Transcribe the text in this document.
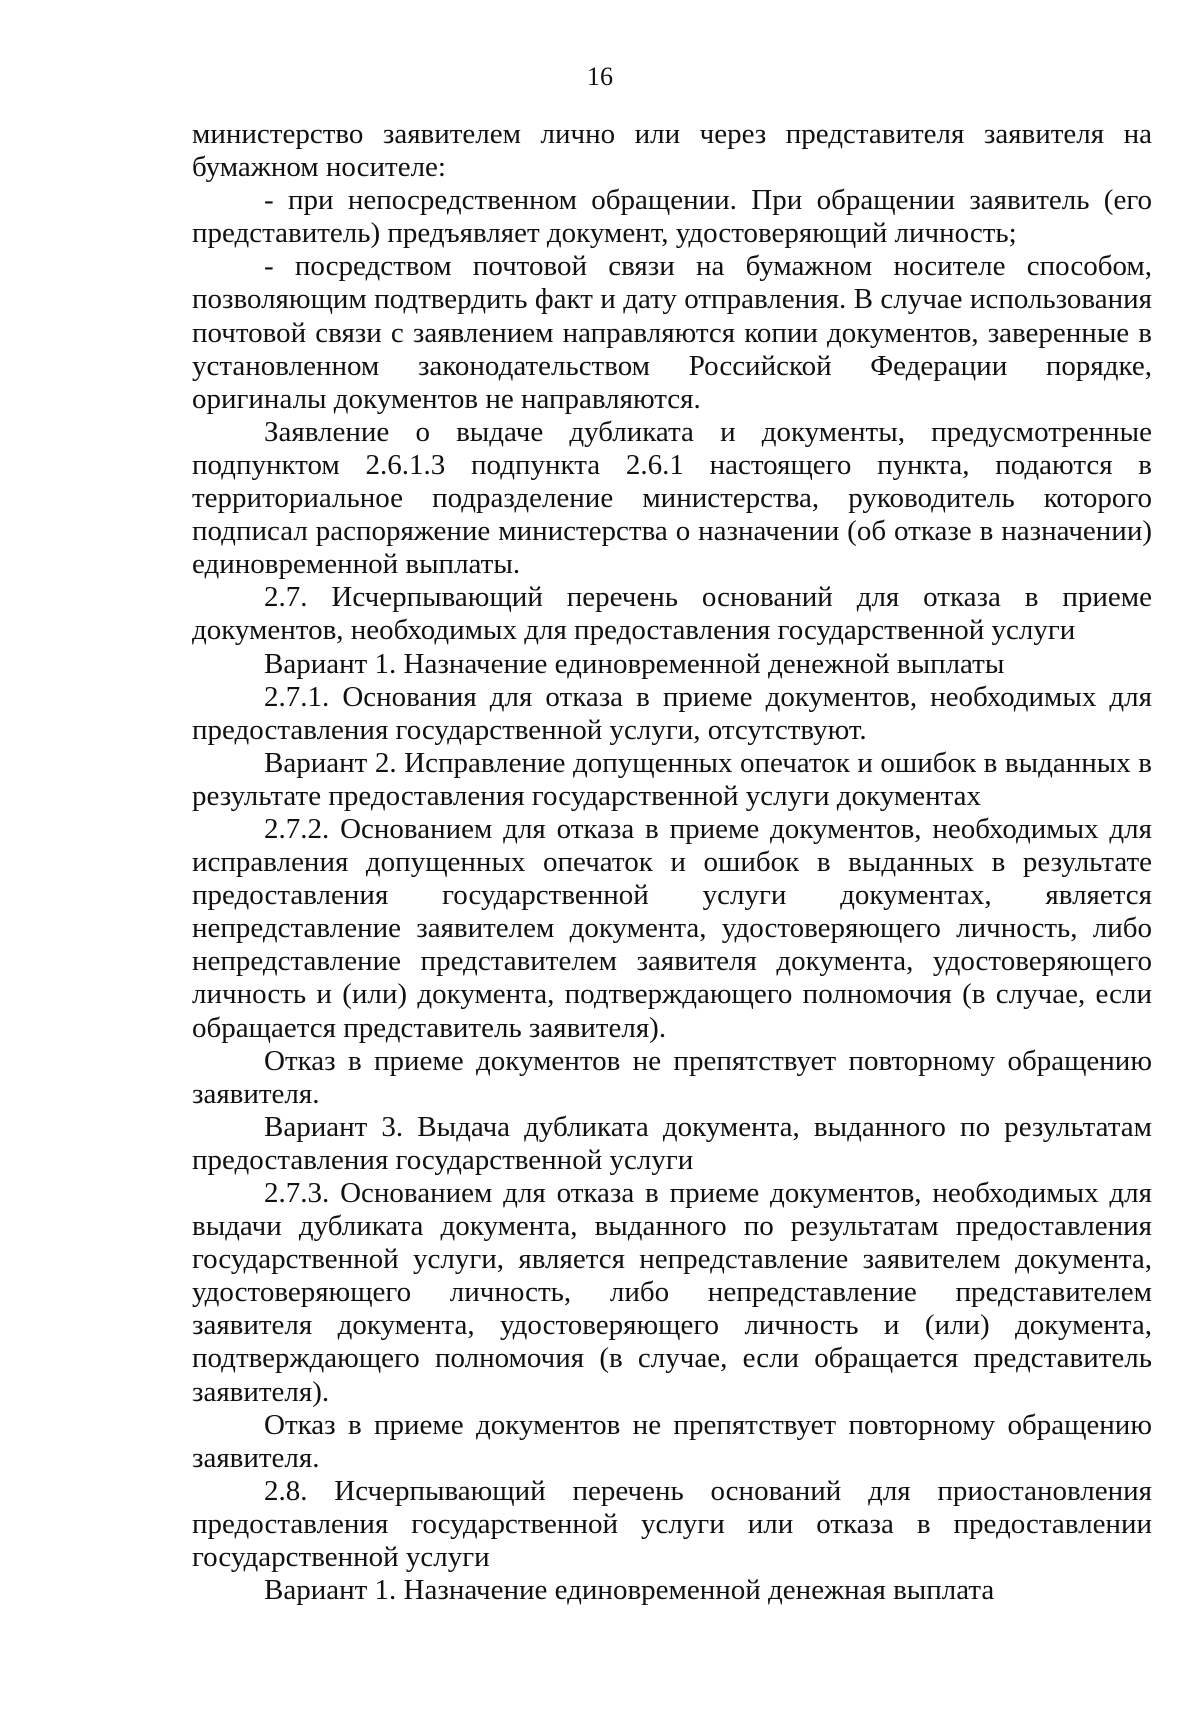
16

министерство заявителем лично или через представителя заявителя на бумажном носителе:

- при непосредственном обращении. При обращении заявитель (его представитель) предъявляет документ, удостоверяющий личность;

- посредством почтовой связи на бумажном носителе способом, позволяющим подтвердить факт и дату отправления. В случае использования почтовой связи с заявлением направляются копии документов, заверенные в установленном законодательством Российской Федерации порядке, оригиналы документов не направляются.

Заявление о выдаче дубликата и документы, предусмотренные подпунктом 2.6.1.3 подпункта 2.6.1 настоящего пункта, подаются в территориальное подразделение министерства, руководитель которого подписал распоряжение министерства о назначении (об отказе в назначении) единовременной выплаты.

2.7. Исчерпывающий перечень оснований для отказа в приеме документов, необходимых для предоставления государственной услуги

Вариант 1. Назначение единовременной денежной выплаты

2.7.1. Основания для отказа в приеме документов, необходимых для предоставления государственной услуги, отсутствуют.

Вариант 2. Исправление допущенных опечаток и ошибок в выданных в результате предоставления государственной услуги документах

2.7.2. Основанием для отказа в приеме документов, необходимых для исправления допущенных опечаток и ошибок в выданных в результате предоставления государственной услуги документах, является непредставление заявителем документа, удостоверяющего личность, либо непредставление представителем заявителя документа, удостоверяющего личность и (или) документа, подтверждающего полномочия (в случае, если обращается представитель заявителя).

Отказ в приеме документов не препятствует повторному обращению заявителя.

Вариант 3. Выдача дубликата документа, выданного по результатам предоставления государственной услуги

2.7.3. Основанием для отказа в приеме документов, необходимых для выдачи дубликата документа, выданного по результатам предоставления государственной услуги, является непредставление заявителем документа, удостоверяющего личность, либо непредставление представителем заявителя документа, удостоверяющего личность и (или) документа, подтверждающего полномочия (в случае, если обращается представитель заявителя).

Отказ в приеме документов не препятствует повторному обращению заявителя.

2.8. Исчерпывающий перечень оснований для приостановления предоставления государственной услуги или отказа в предоставлении государственной услуги

Вариант 1. Назначение единовременной денежная выплата
